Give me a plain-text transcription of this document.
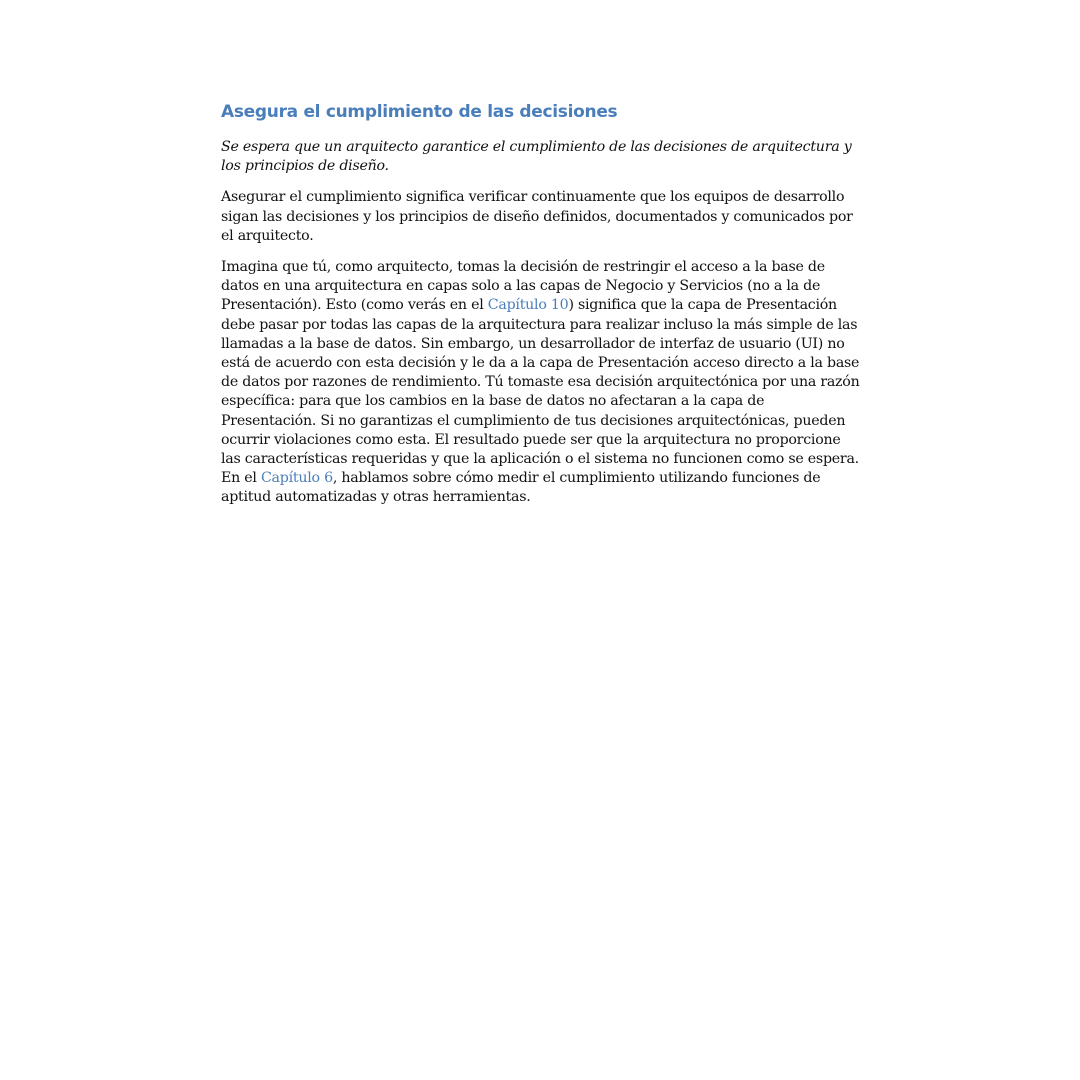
Asegura el cumplimiento de las decisiones

Se espera que un arquitecto garantice el cumplimiento de las decisiones de arquitectura y los principios de diseño.

Asegurar el cumplimiento significa verificar continuamente que los equipos de desarrollo sigan las decisiones y los principios de diseño definidos, documentados y comunicados por el arquitecto.

Imagina que tú, como arquitecto, tomas la decisión de restringir el acceso a la base de datos en una arquitectura en capas solo a las capas de Negocio y Servicios (no a la de Presentación). Esto (como verás en el Capítulo 10) significa que la capa de Presentación debe pasar por todas las capas de la arquitectura para realizar incluso la más simple de las llamadas a la base de datos. Sin embargo, un desarrollador de interfaz de usuario (UI) no está de acuerdo con esta decisión y le da a la capa de Presentación acceso directo a la base de datos por razones de rendimiento. Tú tomaste esa decisión arquitectónica por una razón específica: para que los cambios en la base de datos no afectaran a la capa de Presentación. Si no garantizas el cumplimiento de tus decisiones arquitectónicas, pueden ocurrir violaciones como esta. El resultado puede ser que la arquitectura no proporcione las características requeridas y que la aplicación o el sistema no funcionen como se espera. En el Capítulo 6, hablamos sobre cómo medir el cumplimiento utilizando funciones de aptitud automatizadas y otras herramientas.
